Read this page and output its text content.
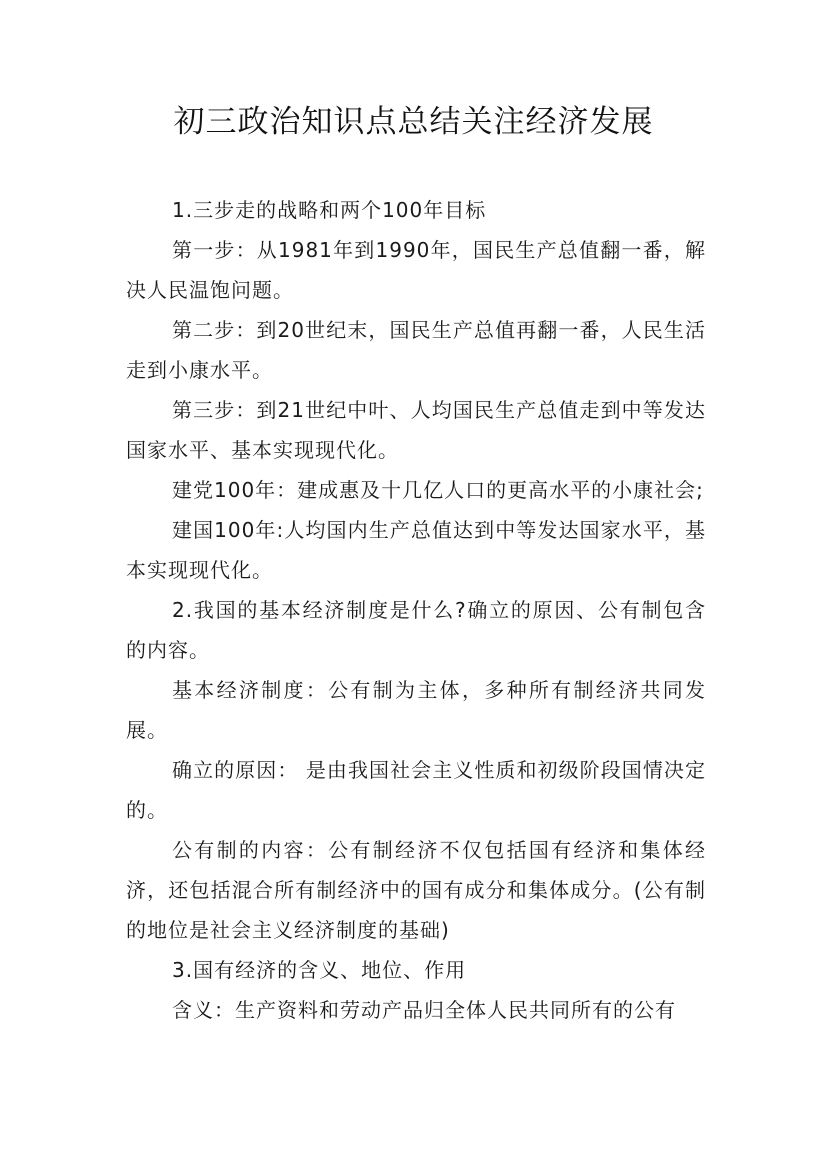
初三政治知识点总结关注经济发展

1.三步走的战略和两个100年目标

第一步：从1981年到1990年，国民生产总值翻一番，解决人民温饱问题。

第二步：到20世纪末，国民生产总值再翻一番，人民生活走到小康水平。

第三步：到21世纪中叶、人均国民生产总值走到中等发达国家水平、基本实现现代化。

建党100年：建成惠及十几亿人口的更高水平的小康社会;

建国100年:人均国内生产总值达到中等发达国家水平，基本实现现代化。

2.我国的基本经济制度是什么?确立的原因、公有制包含的内容。

基本经济制度：公有制为主体，多种所有制经济共同发展。

确立的原因： 是由我国社会主义性质和初级阶段国情决定的。

公有制的内容：公有制经济不仅包括国有经济和集体经济，还包括混合所有制经济中的国有成分和集体成分。(公有制的地位是社会主义经济制度的基础)

3.国有经济的含义、地位、作用

含义：生产资料和劳动产品归全体人民共同所有的公有
